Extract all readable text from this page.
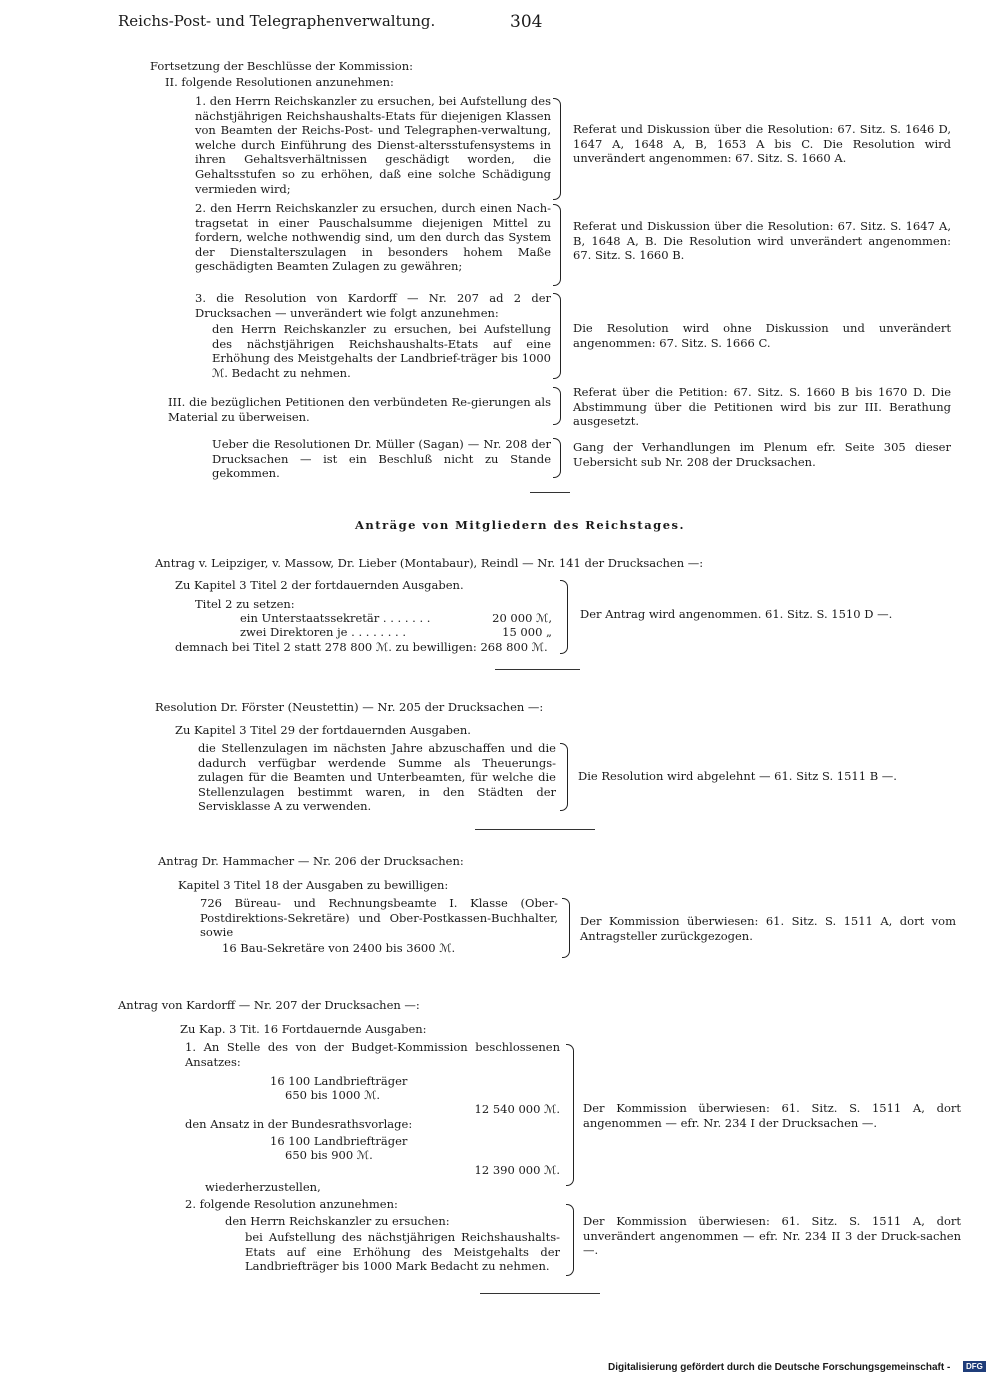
Reichs-Post- und Telegraphenverwaltung.	304
Fortsetzung der Beschlüsse der Kommission:
II. folgende Resolutionen anzunehmen:
1. den Herrn Reichskanzler zu ersuchen, bei Aufstellung des nächstjährigen Reichshaushalts-Etats für diejenigen Klassen von Beamten der Reichs-Post- und Telegraphen-verwaltung, welche durch Einführung des Dienst-altersstufensystems in ihren Gehaltsverhältnissen geschädigt worden, die Gehaltsstufen so zu erhöhen, daß eine solche Schädigung vermieden wird;
Referat und Diskussion über die Resolution: 67. Sitz. S. 1646 D, 1647 A, 1648 A, B, 1653 A bis C. Die Resolution wird unverändert angenommen: 67. Sitz. S. 1660 A.
2. den Herrn Reichskanzler zu ersuchen, durch einen Nach-tragsetat in einer Pauschalsumme diejenigen Mittel zu fordern, welche nothwendig sind, um den durch das System der Dienstalterszulagen in besonders hohem Maße geschädigten Beamten Zulagen zu gewähren;
Referat und Diskussion über die Resolution: 67. Sitz. S. 1647 A, B, 1648 A, B. Die Resolution wird unverändert angenommen: 67. Sitz. S. 1660 B.
3. die Resolution von Kardorff — Nr. 207 ad 2 der Drucksachen — unverändert wie folgt anzunehmen:
den Herrn Reichskanzler zu ersuchen, bei Aufstellung des nächstjährigen Reichshaushalts-Etats auf eine Erhöhung des Meistgehalts der Landbrief-träger bis 1000 ℳ. Bedacht zu nehmen.
Die Resolution wird ohne Diskussion und unverändert angenommen: 67. Sitz. S. 1666 C.
III. die bezüglichen Petitionen den verbündeten Re-gierungen als Material zu überweisen.
Referat über die Petition: 67. Sitz. S. 1660 B bis 1670 D. Die Abstimmung über die Petitionen wird bis zur III. Berathung ausgesetzt.
Ueber die Resolutionen Dr. Müller (Sagan) — Nr. 208 der Drucksachen — ist ein Beschluß nicht zu Stande gekommen.
Gang der Verhandlungen im Plenum efr. Seite 305 dieser Uebersicht sub Nr. 208 der Drucksachen.
Anträge von Mitgliedern des Reichstages.
Antrag v. Leipziger, v. Massow, Dr. Lieber (Montabaur), Reindl — Nr. 141 der Drucksachen —:
Zu Kapitel 3 Titel 2 der fortdauernden Ausgaben.
Titel 2 zu setzen:
ein Unterstaatssekretär . . . . . . .	20 000 ℳ,
zwei Direktoren je . . . . . . . .	15 000 „
demnach bei Titel 2 statt 278 800 ℳ. zu bewilligen: 268 800 ℳ.
Der Antrag wird angenommen. 61. Sitz. S. 1510 D —.
Resolution Dr. Förster (Neustettin) — Nr. 205 der Drucksachen —:
Zu Kapitel 3 Titel 29 der fortdauernden Ausgaben.
die Stellenzulagen im nächsten Jahre abzuschaffen und die dadurch verfügbar werdende Summe als Theuerungs-zulagen für die Beamten und Unterbeamten, für welche die Stellenzulagen bestimmt waren, in den Städten der Servisklasse A zu verwenden.
Die Resolution wird abgelehnt — 61. Sitz S. 1511 B —.
Antrag Dr. Hammacher — Nr. 206 der Drucksachen:
Kapitel 3 Titel 18 der Ausgaben zu bewilligen:
726 Büreau- und Rechnungsbeamte I. Klasse (Ober-Postdirektions-Sekretäre) und Ober-Postkassen-Buchhalter, sowie
16 Bau-Sekretäre von 2400 bis 3600 ℳ.
Der Kommission überwiesen: 61. Sitz. S. 1511 A, dort vom Antragsteller zurückgezogen.
Antrag von Kardorff — Nr. 207 der Drucksachen —:
Zu Kap. 3 Tit. 16 Fortdauernde Ausgaben:
1. An Stelle des von der Budget-Kommission beschlossenen Ansatzes:
16 100 Landbriefträger
650 bis 1000 ℳ.
12 540 000 ℳ.
den Ansatz in der Bundesrathsvorlage:
16 100 Landbriefträger
650 bis 900 ℳ.
12 390 000 ℳ.
wiederherzustellen,
Der Kommission überwiesen: 61. Sitz. S. 1511 A, dort angenommen — efr. Nr. 234 I der Drucksachen —.
2. folgende Resolution anzunehmen:
den Herrn Reichskanzler zu ersuchen:
bei Aufstellung des nächstjährigen Reichshaushalts-Etats auf eine Erhöhung des Meistgehalts der Landbriefträger bis 1000 Mark Bedacht zu nehmen.
Der Kommission überwiesen: 61. Sitz. S. 1511 A, dort unverändert angenommen — efr. Nr. 234 II 3 der Druck-sachen —.
Digitalisierung gefördert durch die Deutsche Forschungsgemeinschaft -	DFG
